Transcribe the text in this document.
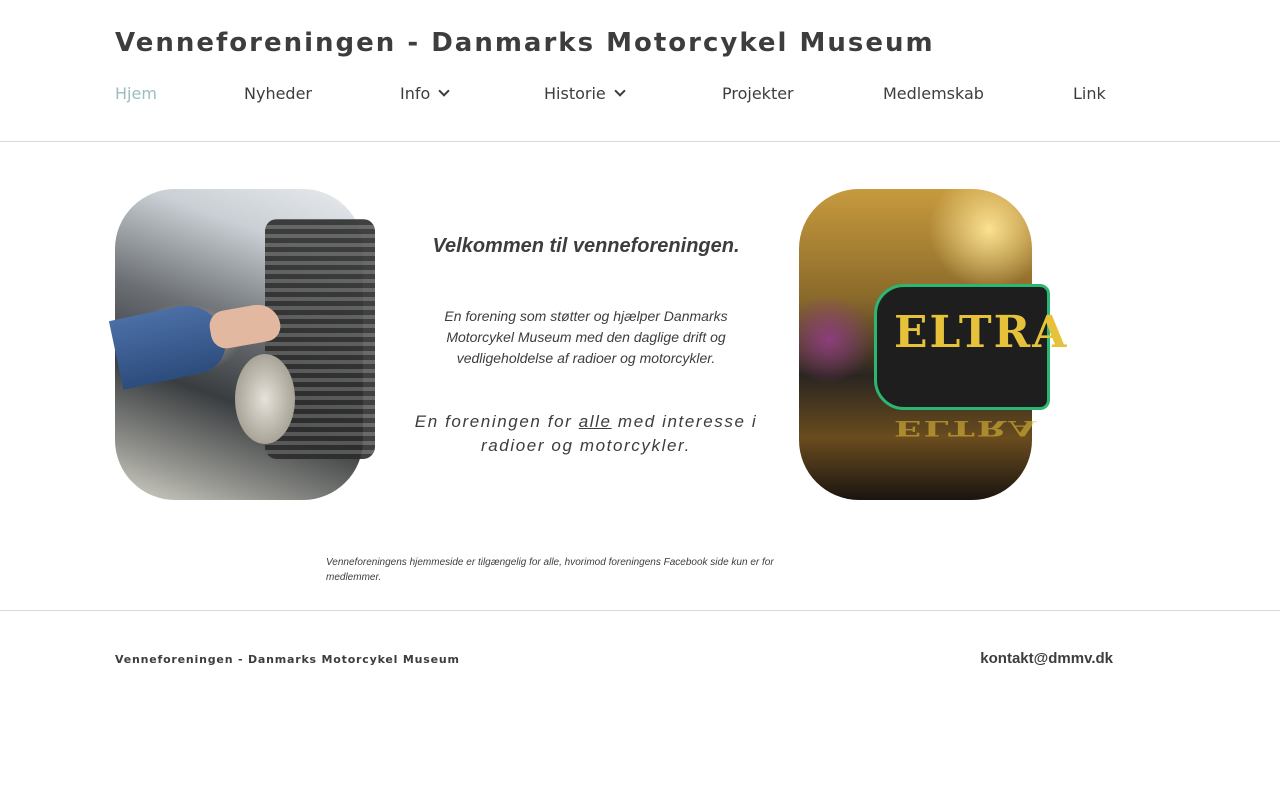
Venneforeningen - Danmarks Motorcykel Museum
Hjem	Nyheder	Info	Historie	Projekter	Medlemskab	Link
Velkommen til venneforeningen.
En forening som støtter og hjælper Danmarks Motorcykel Museum med den daglige drift og vedligeholdelse af radioer og motorcykler.
En foreningen for alle med interesse i radioer og motorcykler.
ELTRA
ELTRA
Venneforeningens hjemmeside er tilgængelig for alle, hvorimod foreningens Facebook side kun er for medlemmer.
Venneforeningen - Danmarks Motorcykel Museum	kontakt@dmmv.dk
